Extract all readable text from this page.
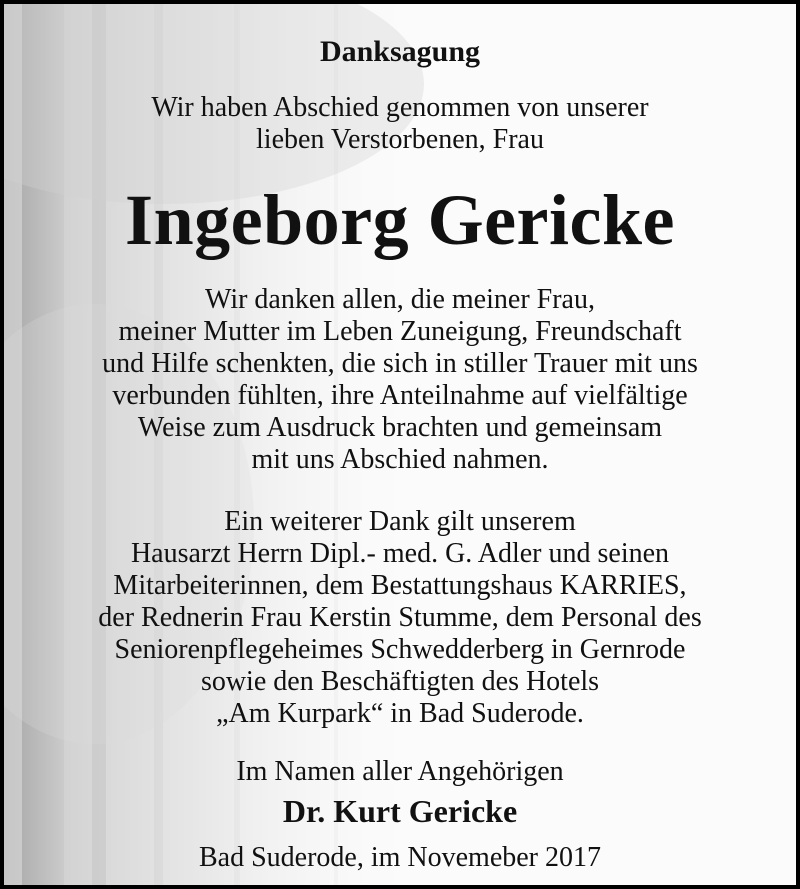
Danksagung
Wir haben Abschied genommen von unserer
lieben Verstorbenen, Frau
Ingeborg Gericke
Wir danken allen, die meiner Frau,
meiner Mutter im Leben Zuneigung, Freundschaft
und Hilfe schenkten, die sich in stiller Trauer mit uns
verbunden fühlten, ihre Anteilnahme auf vielfältige
Weise zum Ausdruck brachten und gemeinsam
mit uns Abschied nahmen.
Ein weiterer Dank gilt unserem
Hausarzt Herrn Dipl.- med. G. Adler und seinen
Mitarbeiterinnen, dem Bestattungshaus KARRIES,
der Rednerin Frau Kerstin Stumme, dem Personal des
Seniorenpflegeheimes Schwedderberg in Gernrode
sowie den Beschäftigten des Hotels
„Am Kurpark“ in Bad Suderode.
Im Namen aller Angehörigen
Dr. Kurt Gericke
Bad Suderode, im Novemeber 2017
